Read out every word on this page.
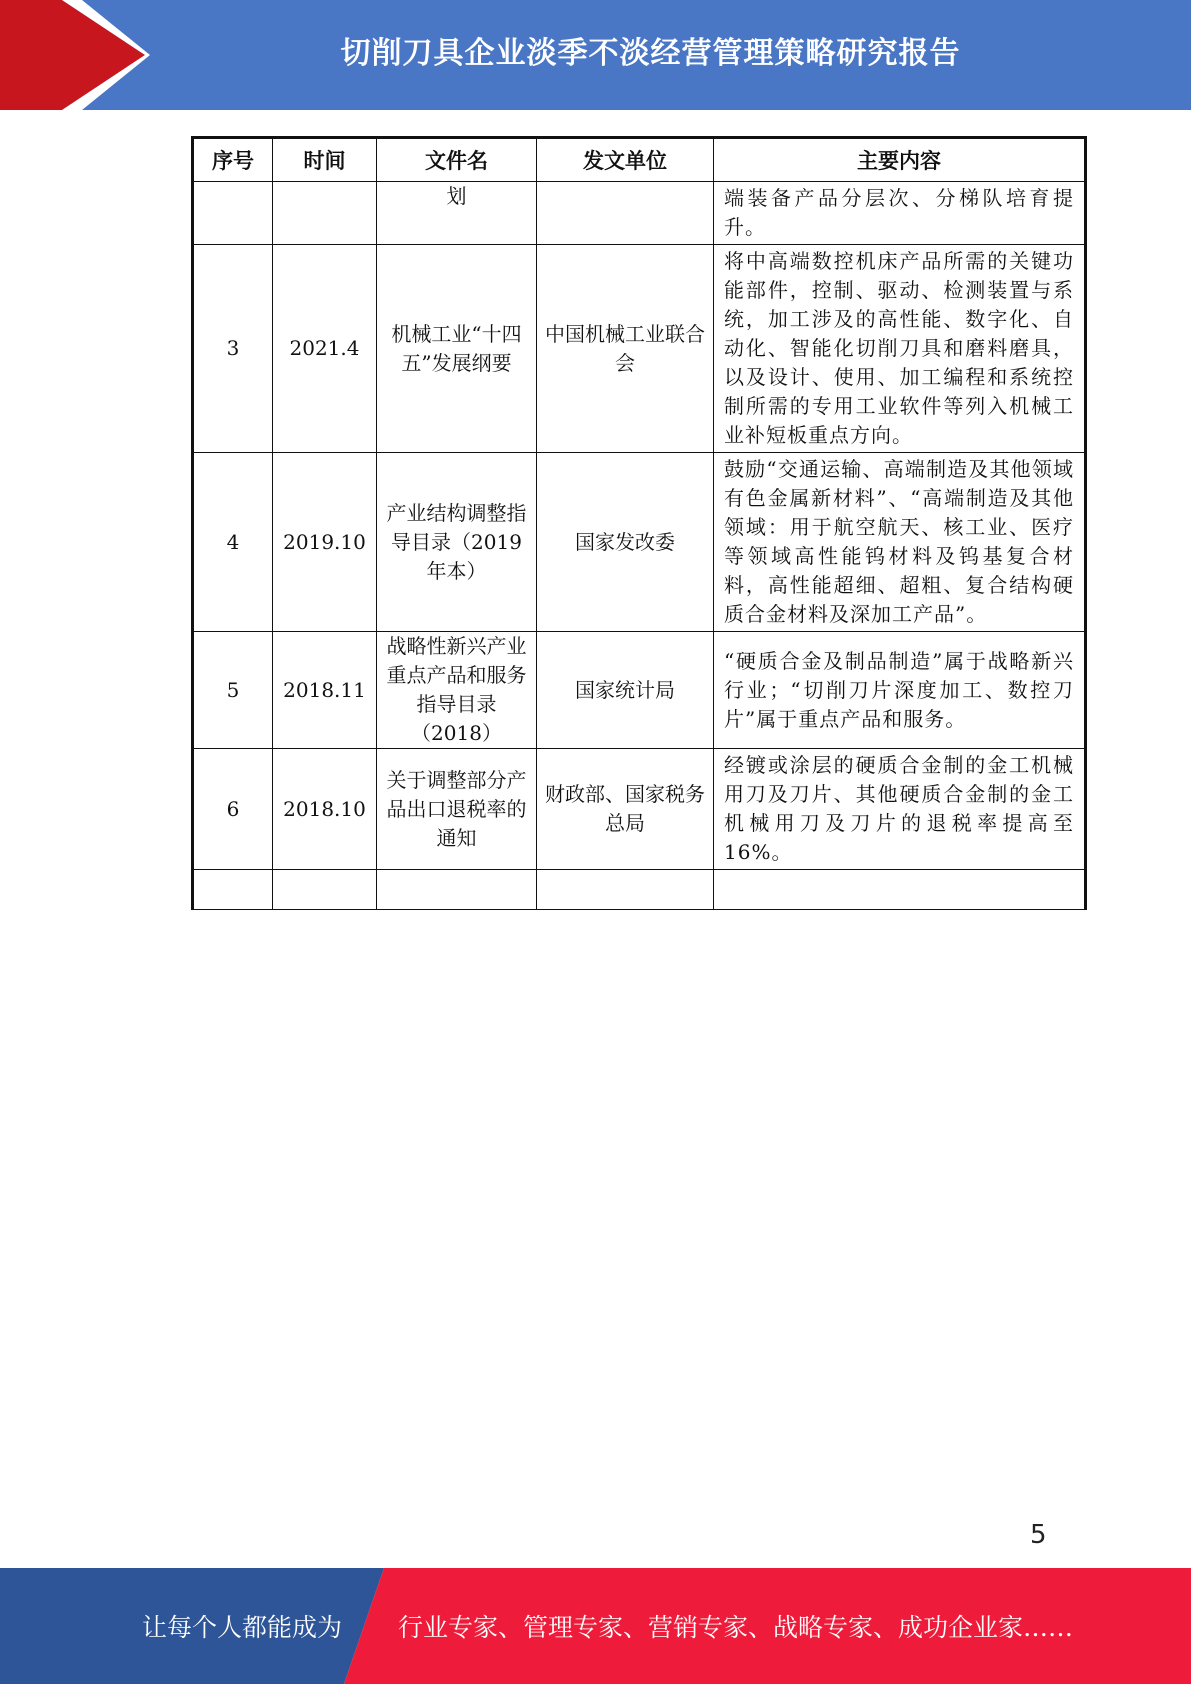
切削刀具企业淡季不淡经营管理策略研究报告
序号	时间	文件名	发文单位	主要内容
		划		端装备产品分层次、分梯队培育提升。
3	2021.4	机械工业“十四五”发展纲要	中国机械工业联合会	将中高端数控机床产品所需的关键功能部件，控制、驱动、检测装置与系统，加工涉及的高性能、数字化、自动化、智能化切削刀具和磨料磨具，以及设计、使用、加工编程和系统控制所需的专用工业软件等列入机械工业补短板重点方向。
4	2019.10	产业结构调整指导目录（2019年本）	国家发改委	鼓励“交通运输、高端制造及其他领域有色金属新材料”、“高端制造及其他领域：用于航空航天、核工业、医疗等领域高性能钨材料及钨基复合材料，高性能超细、超粗、复合结构硬质合金材料及深加工产品”。
5	2018.11	战略性新兴产业重点产品和服务指导目录（2018）	国家统计局	“硬质合金及制品制造”属于战略新兴行业；“切削刀片深度加工、数控刀片”属于重点产品和服务。
6	2018.10	关于调整部分产品出口退税率的通知	财政部、国家税务总局	经镀或涂层的硬质合金制的金工机械用刀及刀片、其他硬质合金制的金工机械用刀及刀片的退税率提高至16%。

5
让每个人都能成为 行业专家、管理专家、营销专家、战略专家、成功企业家……
